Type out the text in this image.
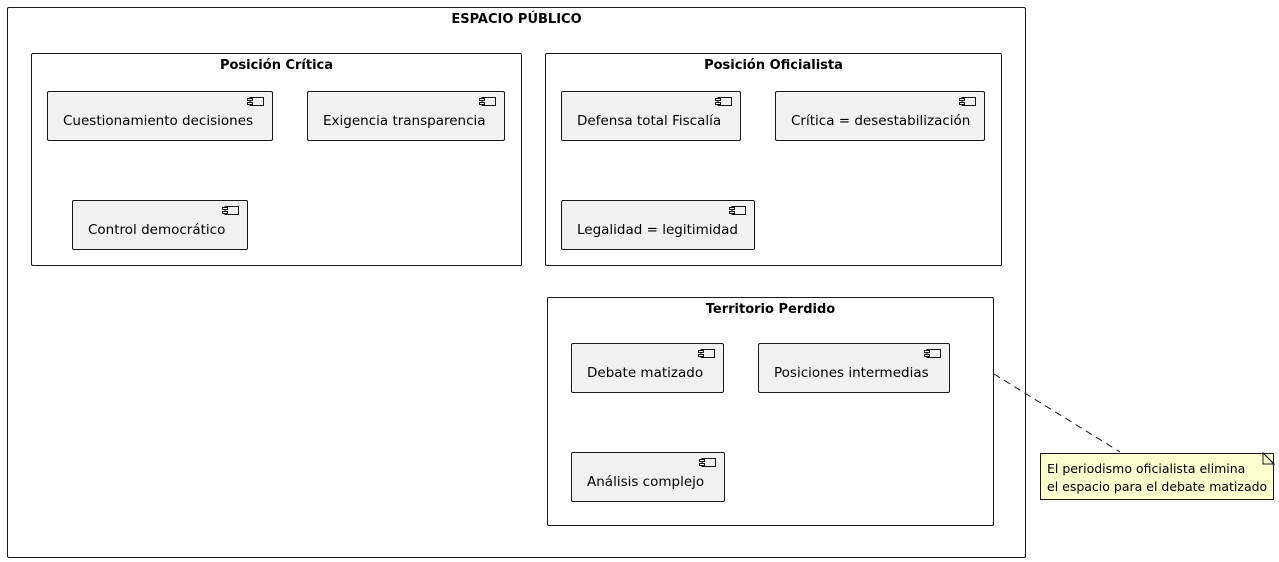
ESPACIO PÚBLICO
Posición Crítica
Cuestionamiento decisiones	Exigencia transparencia
Control democrático
Posición Oficialista
Defensa total Fiscalía	Crítica = desestabilización
Legalidad = legitimidad
Territorio Perdido
Debate matizado	Posiciones intermedias
Análisis complejo
El periodismo oficialista elimina
el espacio para el debate matizado
